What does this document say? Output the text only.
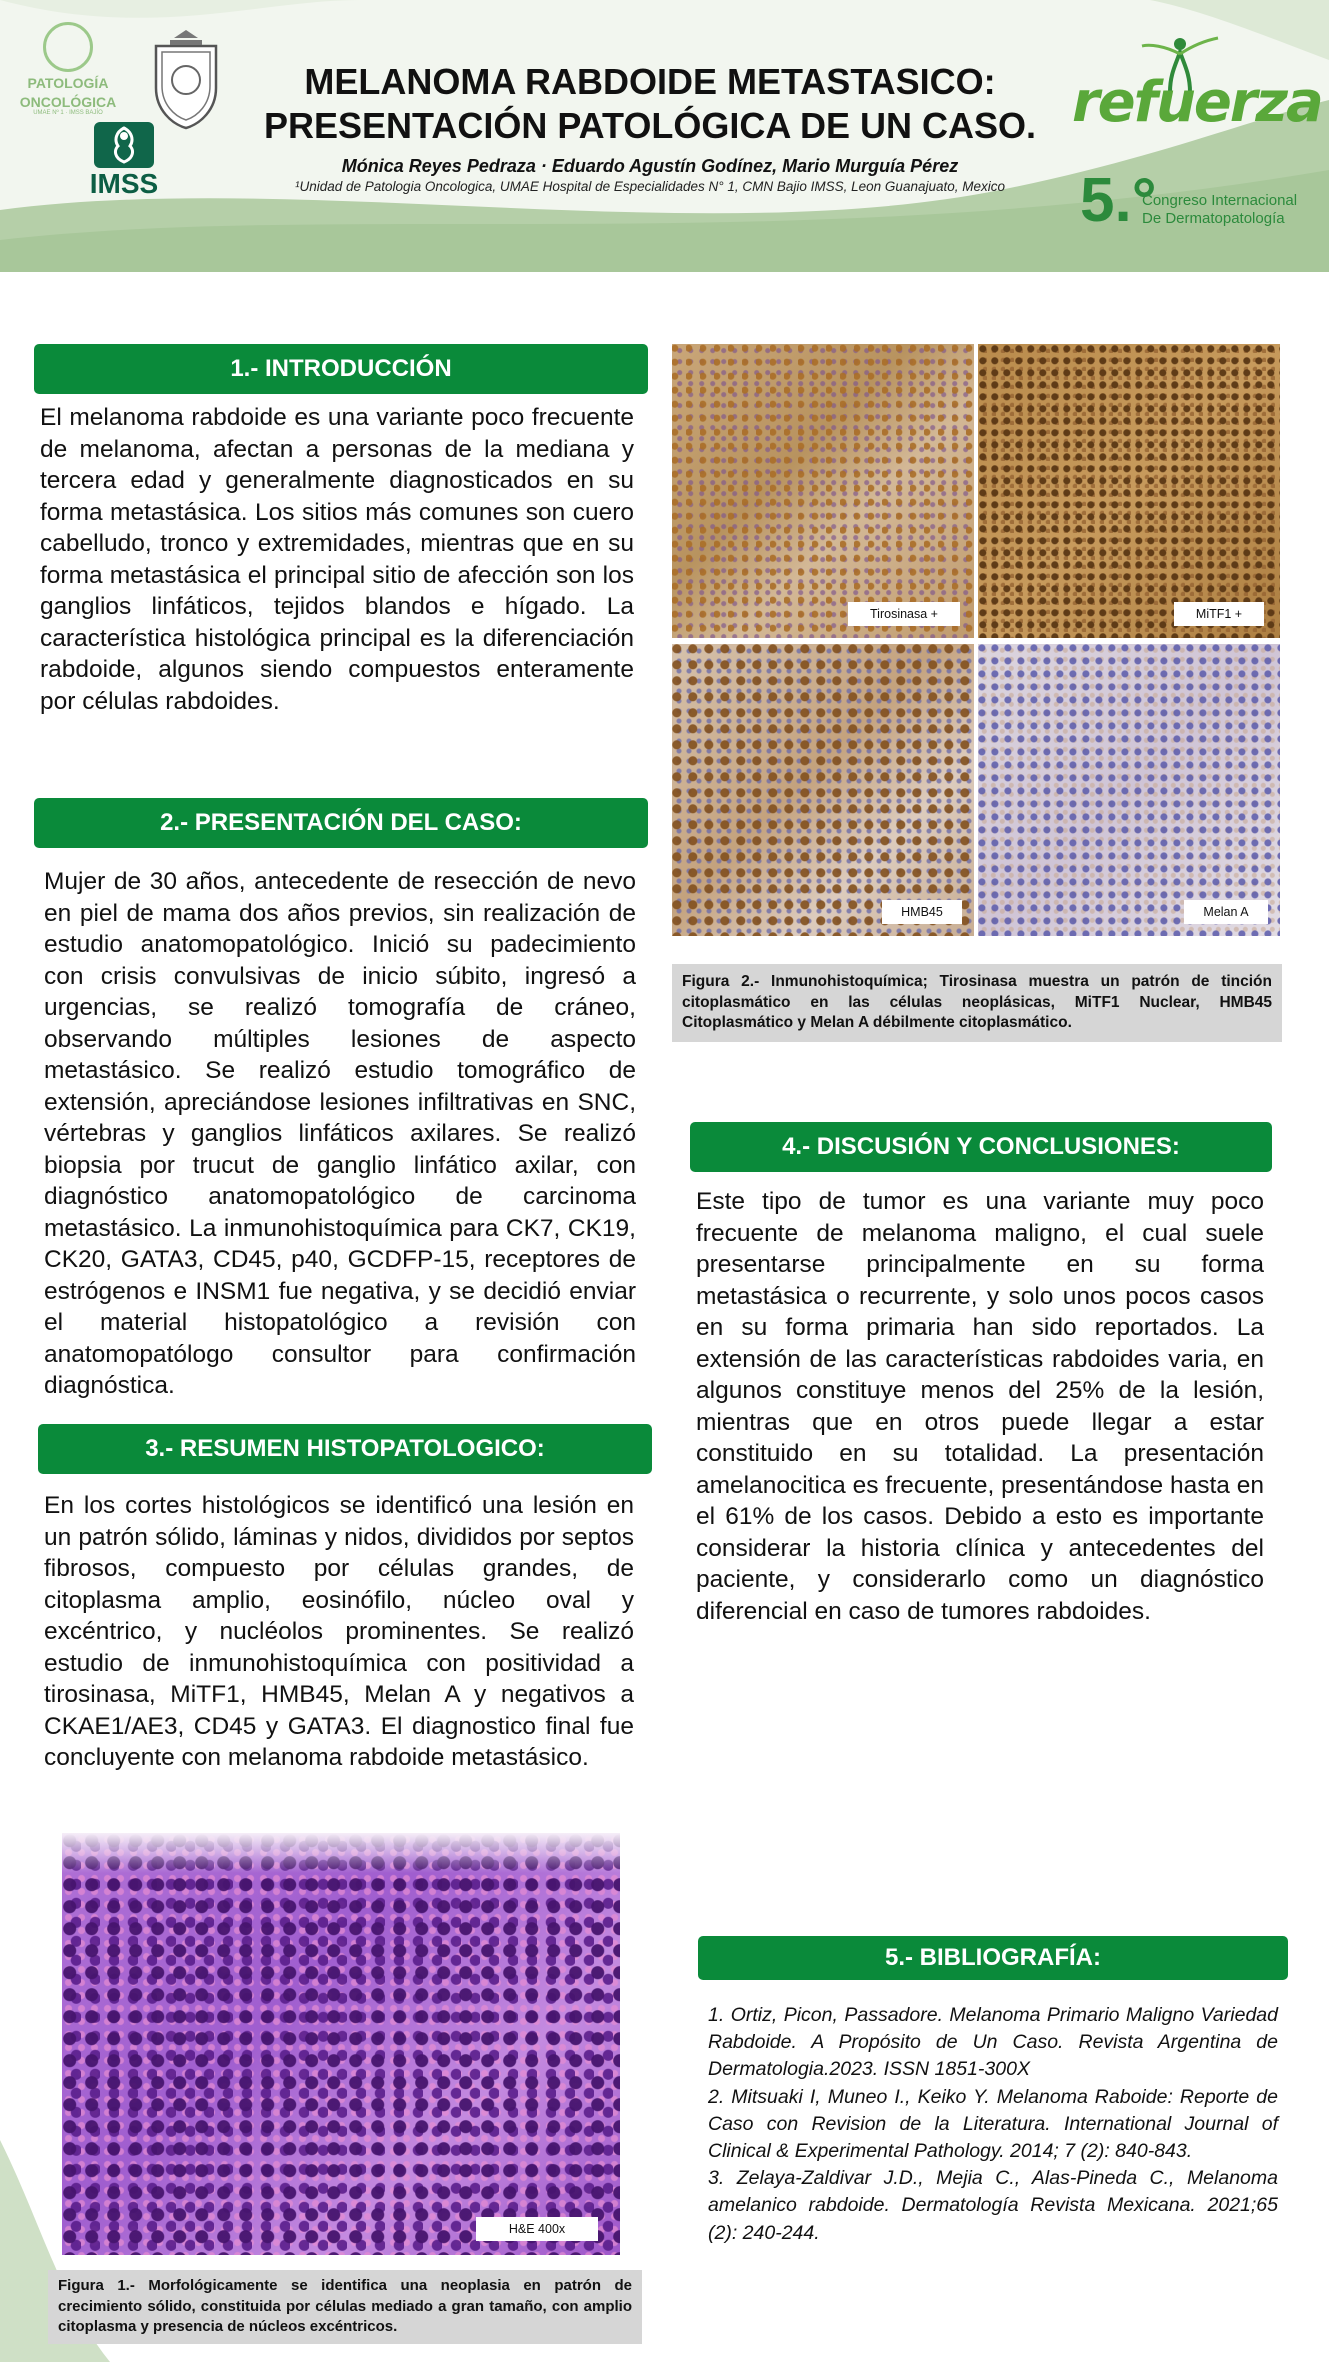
PATOLOGÍA
ONCOLÓGICA
UMAE Nº 1 · IMSS BAJÍO
IMSS
refuerza
5.°
Congreso Internacional
De Dermatopatología
MELANOMA RABDOIDE METASTASICO:
PRESENTACIÓN PATOLÓGICA DE UN CASO.
Mónica Reyes Pedraza · Eduardo Agustín Godínez, Mario Murguía Pérez
¹Unidad de Patologia Oncologica, UMAE Hospital de Especialidades N° 1, CMN Bajio IMSS, Leon Guanajuato, Mexico
1.- INTRODUCCIÓN
El melanoma rabdoide es una variante poco frecuente de melanoma, afectan a personas de la mediana y tercera edad y generalmente diagnosticados en su forma metastásica. Los sitios más comunes son cuero cabelludo, tronco y extremidades, mientras que en su forma metastásica el principal sitio de afección son los ganglios linfáticos, tejidos blandos e hígado. La característica histológica principal es la diferenciación rabdoide, algunos siendo compuestos enteramente por células rabdoides.
2.- PRESENTACIÓN DEL CASO:
Mujer de 30 años, antecedente de resección de nevo en piel de mama dos años previos, sin realización de estudio anatomopatológico. Inició su padecimiento con crisis convulsivas de inicio súbito, ingresó a urgencias, se realizó tomografía de cráneo, observando múltiples lesiones de aspecto metastásico. Se realizó estudio tomográfico de extensión, apreciándose lesiones infiltrativas en SNC, vértebras y ganglios linfáticos axilares. Se realizó biopsia por trucut de ganglio linfático axilar, con diagnóstico anatomopatológico de carcinoma metastásico. La inmunohistoquímica para CK7, CK19, CK20, GATA3, CD45, p40, GCDFP-15, receptores de estrógenos e INSM1 fue negativa, y se decidió enviar el material histopatológico a revisión con anatomopatólogo consultor para confirmación diagnóstica.
3.- RESUMEN HISTOPATOLOGICO:
En los cortes histológicos se identificó una lesión en un patrón sólido, láminas y nidos, divididos por septos fibrosos, compuesto por células grandes, de citoplasma amplio, eosinófilo, núcleo oval y excéntrico, y nucléolos prominentes. Se realizó estudio de inmunohistoquímica con positividad a tirosinasa, MiTF1, HMB45, Melan A y negativos a CKAE1/AE3, CD45 y GATA3. El diagnostico final fue concluyente con melanoma rabdoide metastásico.
H&E 400x
Figura 1.- Morfológicamente se identifica una neoplasia en patrón de crecimiento sólido, constituida por células mediado a gran tamaño, con amplio citoplasma y presencia de núcleos excéntricos.
Tirosinasa +	MiTF1 +
HMB45	Melan A
Figura 2.- Inmunohistoquímica; Tirosinasa muestra un patrón de tinción citoplasmático en las células neoplásicas, MiTF1 Nuclear, HMB45 Citoplasmático y Melan A débilmente citoplasmático.
4.- DISCUSIÓN Y CONCLUSIONES:
Este tipo de tumor es una variante muy poco frecuente de melanoma maligno, el cual suele presentarse principalmente en su forma metastásica o recurrente, y solo unos pocos casos en su forma primaria han sido reportados. La extensión de las características rabdoides varia, en algunos constituye menos del 25% de la lesión, mientras que en otros puede llegar a estar constituido en su totalidad. La presentación amelanocitica es frecuente, presentándose hasta en el 61% de los casos. Debido a esto es importante considerar la historia clínica y antecedentes del paciente, y considerarlo como un diagnóstico diferencial en caso de tumores rabdoides.
5.- BIBLIOGRAFÍA:
1. Ortiz, Picon, Passadore. Melanoma Primario Maligno Variedad Rabdoide. A Propósito de Un Caso. Revista Argentina de Dermatologia.2023. ISSN 1851-300X
2. Mitsuaki I, Muneo I., Keiko Y. Melanoma Raboide: Reporte de Caso con Revision de la Literatura. International Journal of Clinical & Experimental Pathology. 2014; 7 (2): 840-843.
3. Zelaya-Zaldivar J.D., Mejia C., Alas-Pineda C., Melanoma amelanico rabdoide. Dermatología Revista Mexicana. 2021;65 (2): 240-244.
